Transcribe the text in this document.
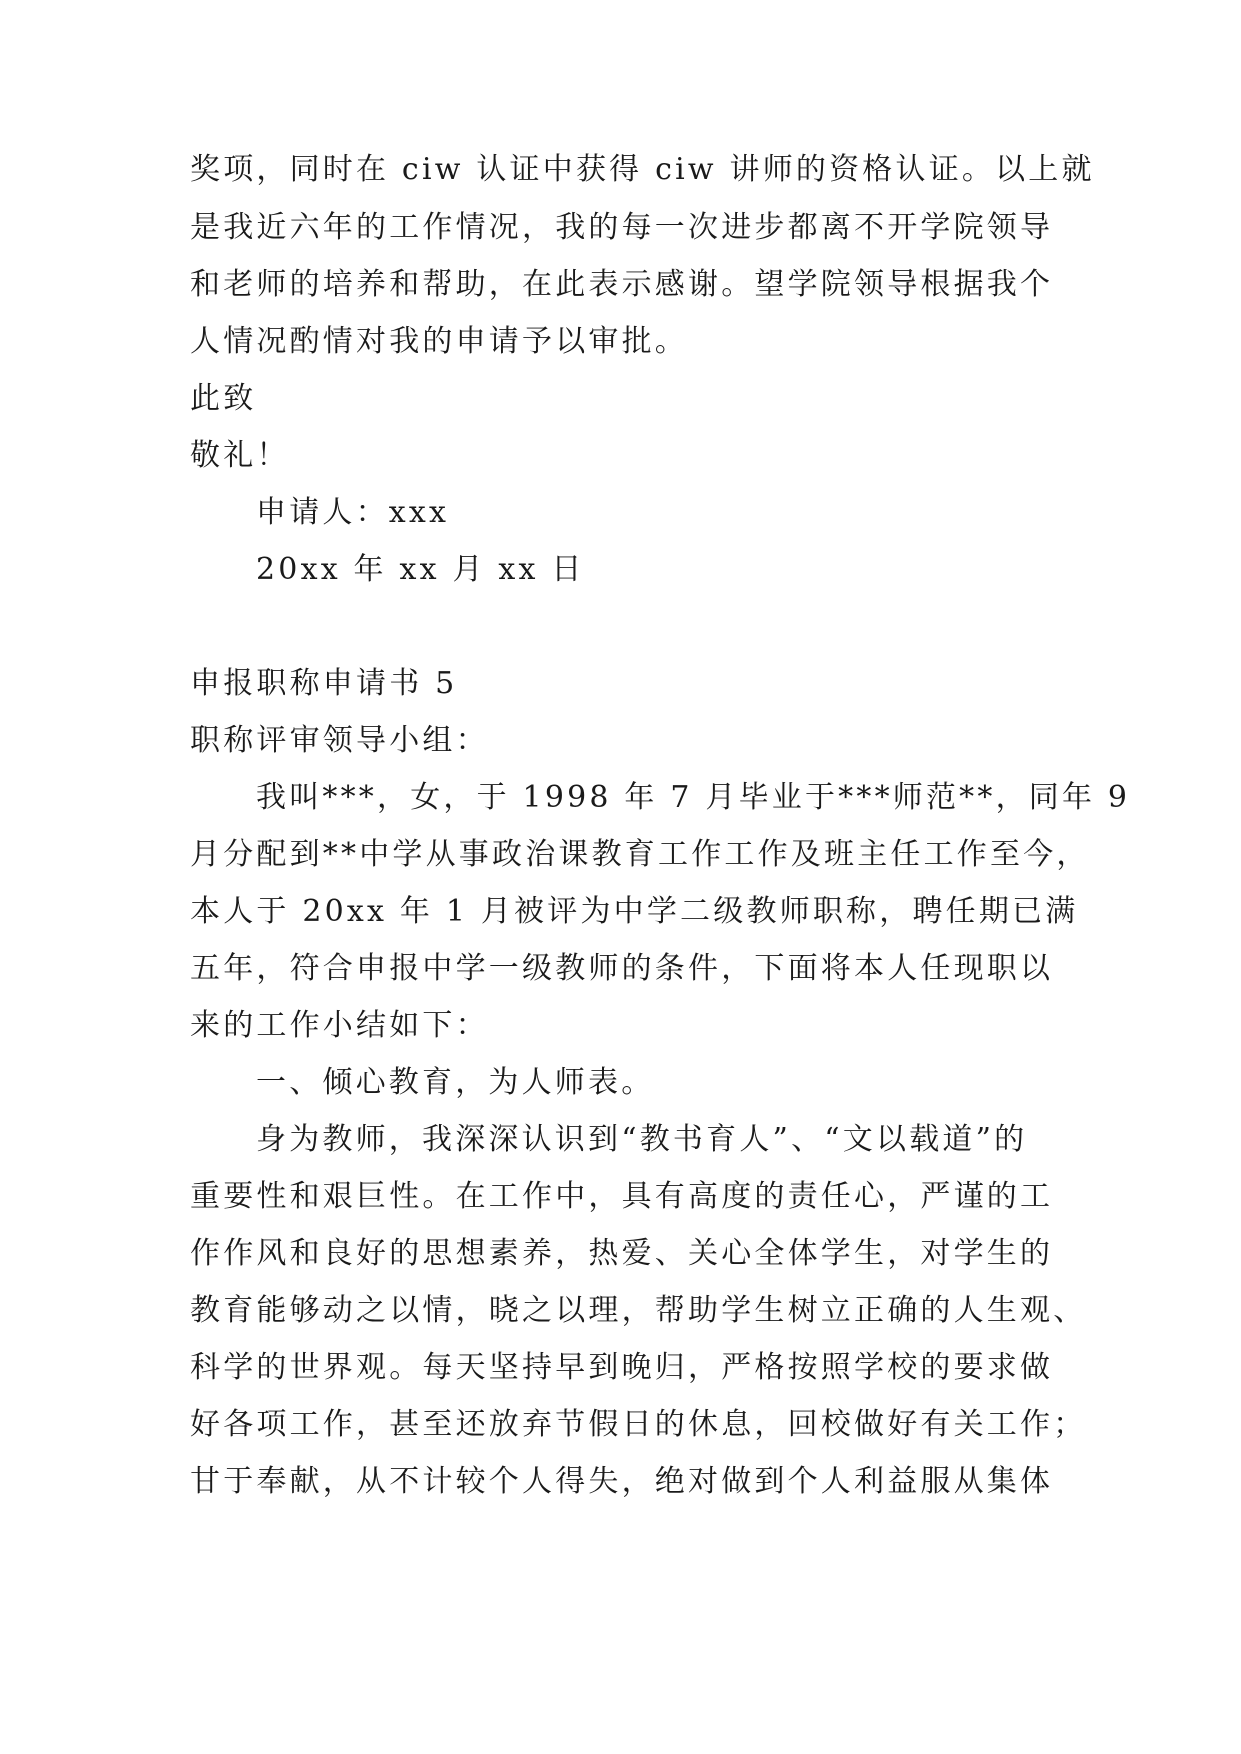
奖项，同时在 ciw 认证中获得 ciw 讲师的资格认证。以上就
是我近六年的工作情况，我的每一次进步都离不开学院领导
和老师的培养和帮助，在此表示感谢。望学院领导根据我个
人情况酌情对我的申请予以审批。
此致
敬礼！
申请人：xxx
20xx 年 xx 月 xx 日
申报职称申请书 5
职称评审领导小组：
我叫***，女，于 1998 年 7 月毕业于***师范**，同年 9
月分配到**中学从事政治课教育工作工作及班主任工作至今，
本人于 20xx 年 1 月被评为中学二级教师职称，聘任期已满
五年，符合申报中学一级教师的条件，下面将本人任现职以
来的工作小结如下：
一、倾心教育，为人师表。
身为教师，我深深认识到“教书育人”、“文以载道”的
重要性和艰巨性。在工作中，具有高度的责任心，严谨的工
作作风和良好的思想素养，热爱、关心全体学生，对学生的
教育能够动之以情，晓之以理，帮助学生树立正确的人生观、
科学的世界观。每天坚持早到晚归，严格按照学校的要求做
好各项工作，甚至还放弃节假日的休息，回校做好有关工作；
甘于奉献，从不计较个人得失，绝对做到个人利益服从集体
